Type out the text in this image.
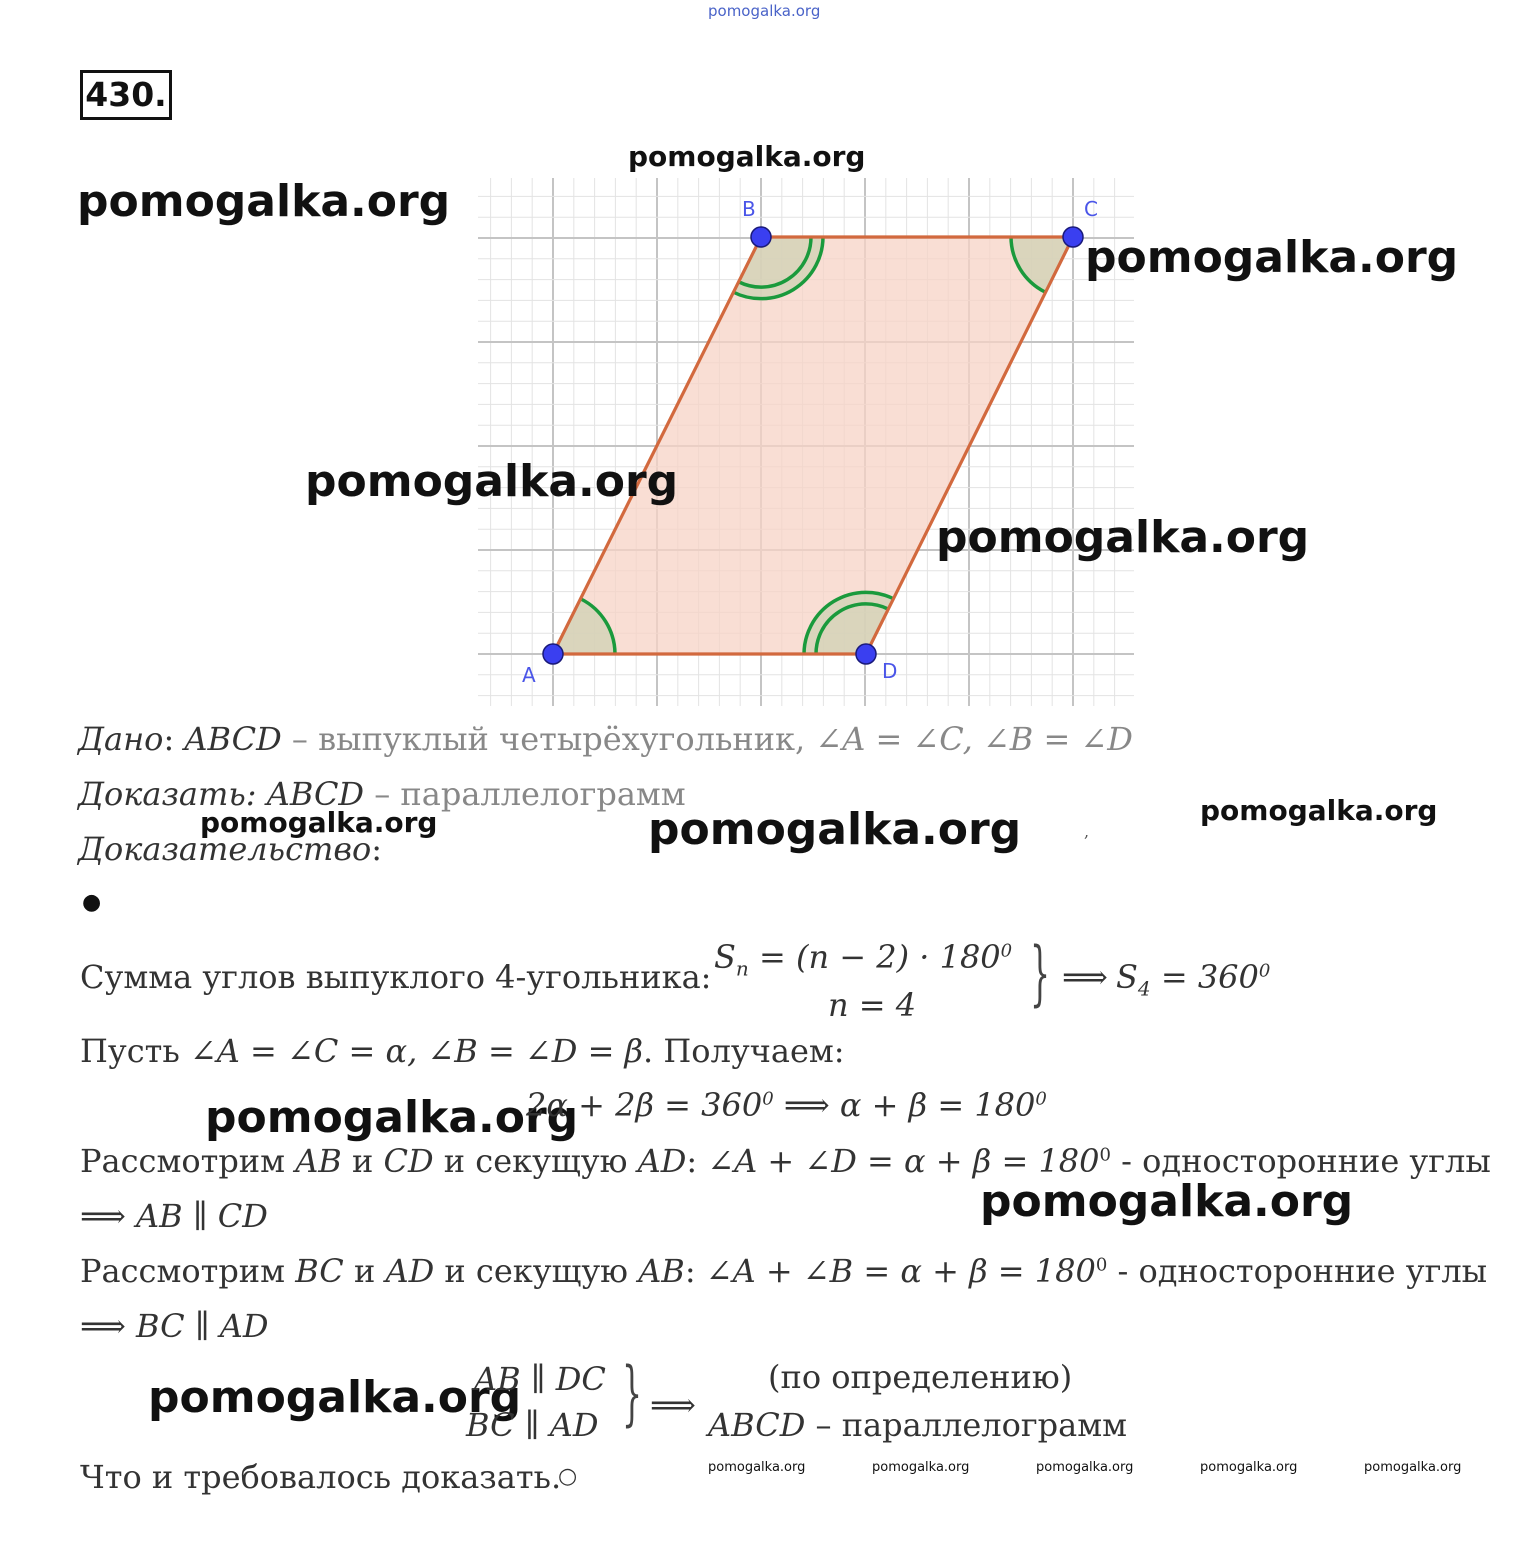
pomogalka.org
430.
pomogalka.org
pomogalka.org
A
B	C
D
pomogalka.org
pomogalka.org
pomogalka.org
Дано: ABCD – выпуклый четырёхугольник, ∠A = ∠C, ∠B = ∠D
Доказать: ABCD – параллелограмм
pomogalka.org	pomogalka.org	pomogalka.org
,
Доказательство:
●
Сумма углов выпуклого 4-угольника:
$S_n = (n - 2) \cdot 180^0$
n = 4 } ⟹ $S_4 = 360^0$
Пусть ∠A = ∠C = α, ∠B = ∠D = β. Получаем:
pomogalka.org
$2\alpha + 2\beta = 360^0$ ⟹ $\alpha + \beta = 180^0$
Рассмотрим AB и CD и секущую AD: ∠A + ∠D = $\alpha + \beta = 180^0$ - односторонние углы
⟹ AB ∥ CD	pomogalka.org
Рассмотрим BC и AD и секущую AB: ∠A + ∠B = $\alpha + \beta = 180^0$ - односторонние углы
⟹ BC ∥ AD
pomogalka.org
AB ∥ DC
BC ∥ AD } ⟹
(по определению)
ABCD – параллелограмм
Что и требовалось доказать.
○	pomogalka.org	pomogalka.org	pomogalka.org	pomogalka.org	pomogalka.org
